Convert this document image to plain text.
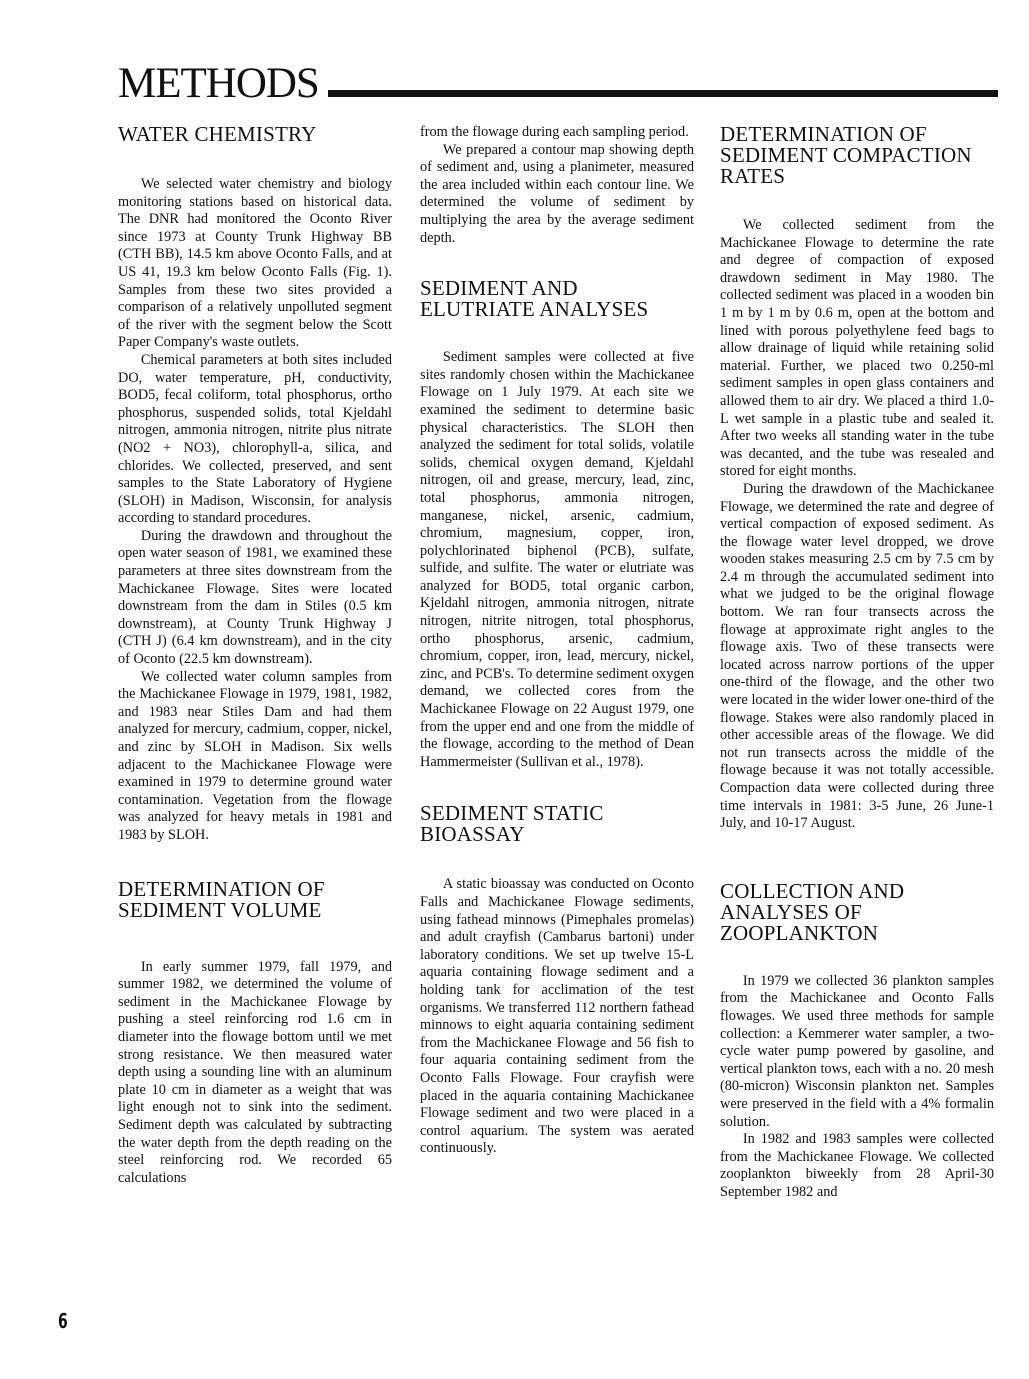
METHODS
WATER CHEMISTRY

We selected water chemistry and biology monitoring stations based on historical data. The DNR had monitored the Oconto River since 1973 at County Trunk Highway BB (CTH BB), 14.5 km above Oconto Falls, and at US 41, 19.3 km below Oconto Falls (Fig. 1). Samples from these two sites provided a comparison of a relatively unpolluted segment of the river with the segment below the Scott Paper Company's waste outlets.

Chemical parameters at both sites included DO, water temperature, pH, conductivity, BOD5, fecal coliform, total phosphorus, ortho phosphorus, suspended solids, total Kjeldahl nitrogen, ammonia nitrogen, nitrite plus nitrate (NO2 + NO3), chlorophyll-a, silica, and chlorides. We collected, preserved, and sent samples to the State Laboratory of Hygiene (SLOH) in Madison, Wisconsin, for analysis according to standard procedures.

During the drawdown and throughout the open water season of 1981, we examined these parameters at three sites downstream from the Machickanee Flowage. Sites were located downstream from the dam in Stiles (0.5 km downstream), at County Trunk Highway J (CTH J) (6.4 km downstream), and in the city of Oconto (22.5 km downstream).

We collected water column samples from the Machickanee Flowage in 1979, 1981, 1982, and 1983 near Stiles Dam and had them analyzed for mercury, cadmium, copper, nickel, and zinc by SLOH in Madison. Six wells adjacent to the Machickanee Flowage were examined in 1979 to determine ground water contamination. Vegetation from the flowage was analyzed for heavy metals in 1981 and 1983 by SLOH.

DETERMINATION OF SEDIMENT VOLUME

In early summer 1979, fall 1979, and summer 1982, we determined the volume of sediment in the Machickanee Flowage by pushing a steel reinforcing rod 1.6 cm in diameter into the flowage bottom until we met strong resistance. We then measured water depth using a sounding line with an aluminum plate 10 cm in diameter as a weight that was light enough not to sink into the sediment. Sediment depth was calculated by subtracting the water depth from the depth reading on the steel reinforcing rod. We recorded 65 calculations

from the flowage during each sampling period.

We prepared a contour map showing depth of sediment and, using a planimeter, measured the area included within each contour line. We determined the volume of sediment by multiplying the area by the average sediment depth.

SEDIMENT AND ELUTRIATE ANALYSES

Sediment samples were collected at five sites randomly chosen within the Machickanee Flowage on 1 July 1979. At each site we examined the sediment to determine basic physical characteristics. The SLOH then analyzed the sediment for total solids, volatile solids, chemical oxygen demand, Kjeldahl nitrogen, oil and grease, mercury, lead, zinc, total phosphorus, ammonia nitrogen, manganese, nickel, arsenic, cadmium, chromium, magnesium, copper, iron, polychlorinated biphenol (PCB), sulfate, sulfide, and sulfite. The water or elutriate was analyzed for BOD5, total organic carbon, Kjeldahl nitrogen, ammonia nitrogen, nitrate nitrogen, nitrite nitrogen, total phosphorus, ortho phosphorus, arsenic, cadmium, chromium, copper, iron, lead, mercury, nickel, zinc, and PCB's. To determine sediment oxygen demand, we collected cores from the Machickanee Flowage on 22 August 1979, one from the upper end and one from the middle of the flowage, according to the method of Dean Hammermeister (Sullivan et al., 1978).

SEDIMENT STATIC BIOASSAY

A static bioassay was conducted on Oconto Falls and Machickanee Flowage sediments, using fathead minnows (Pimephales promelas) and adult crayfish (Cambarus bartoni) under laboratory conditions. We set up twelve 15-L aquaria containing flowage sediment and a holding tank for acclimation of the test organisms. We transferred 112 northern fathead minnows to eight aquaria containing sediment from the Machickanee Flowage and 56 fish to four aquaria containing sediment from the Oconto Falls Flowage. Four crayfish were placed in the aquaria containing Machickanee Flowage sediment and two were placed in a control aquarium. The system was aerated continuously.

DETERMINATION OF SEDIMENT COMPACTION RATES

We collected sediment from the Machickanee Flowage to determine the rate and degree of compaction of exposed drawdown sediment in May 1980. The collected sediment was placed in a wooden bin 1 m by 1 m by 0.6 m, open at the bottom and lined with porous polyethylene feed bags to allow drainage of liquid while retaining solid material. Further, we placed two 0.250-ml sediment samples in open glass containers and allowed them to air dry. We placed a third 1.0-L wet sample in a plastic tube and sealed it. After two weeks all standing water in the tube was decanted, and the tube was resealed and stored for eight months.

During the drawdown of the Machickanee Flowage, we determined the rate and degree of vertical compaction of exposed sediment. As the flowage water level dropped, we drove wooden stakes measuring 2.5 cm by 7.5 cm by 2.4 m through the accumulated sediment into what we judged to be the original flowage bottom. We ran four transects across the flowage at approximate right angles to the flowage axis. Two of these transects were located across narrow portions of the upper one-third of the flowage, and the other two were located in the wider lower one-third of the flowage. Stakes were also randomly placed in other accessible areas of the flowage. We did not run transects across the middle of the flowage because it was not totally accessible. Compaction data were collected during three time intervals in 1981: 3-5 June, 26 June-1 July, and 10-17 August.

COLLECTION AND ANALYSES OF ZOOPLANKTON

In 1979 we collected 36 plankton samples from the Machickanee and Oconto Falls flowages. We used three methods for sample collection: a Kemmerer water sampler, a two-cycle water pump powered by gasoline, and vertical plankton tows, each with a no. 20 mesh (80-micron) Wisconsin plankton net. Samples were preserved in the field with a 4% formalin solution.

In 1982 and 1983 samples were collected from the Machickanee Flowage. We collected zooplankton biweekly from 28 April-30 September 1982 and

6
